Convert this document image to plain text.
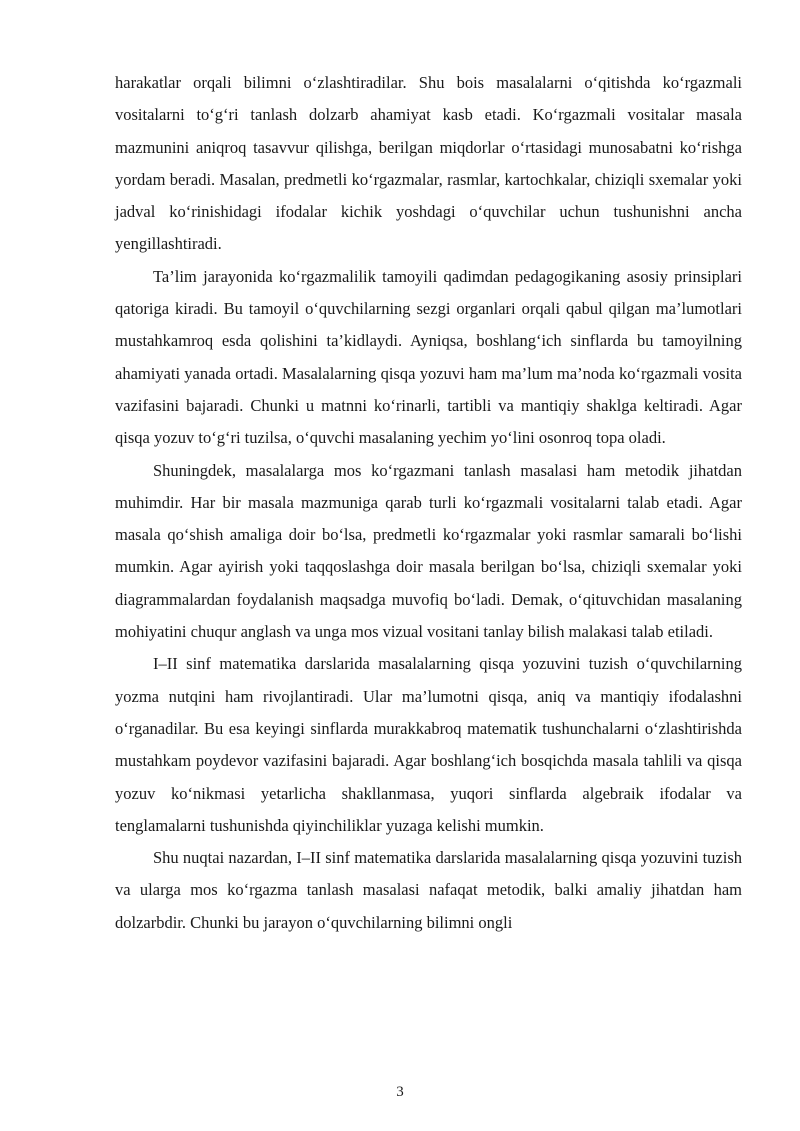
harakatlar orqali bilimni o‘zlashtiradilar. Shu bois masalalarni o‘qitishda ko‘rgazmali vositalarni to‘g‘ri tanlash dolzarb ahamiyat kasb etadi. Ko‘rgazmali vositalar masala mazmunini aniqroq tasavvur qilishga, berilgan miqdorlar o‘rtasidagi munosabatni ko‘rishga yordam beradi. Masalan, predmetli ko‘rgazmalar, rasmlar, kartochkalar, chiziqli sxemalar yoki jadval ko‘rinishidagi ifodalar kichik yoshdagi o‘quvchilar uchun tushunishni ancha yengillashtiradi.

Ta’lim jarayonida ko‘rgazmalilik tamoyili qadimdan pedagogikaning asosiy prinsiplari qatoriga kiradi. Bu tamoyil o‘quvchilarning sezgi organlari orqali qabul qilgan ma’lumotlari mustahkamroq esda qolishini ta’kidlaydi. Ayniqsa, boshlang‘ich sinflarda bu tamoyilning ahamiyati yanada ortadi. Masalalarning qisqa yozuvi ham ma’lum ma’noda ko‘rgazmali vosita vazifasini bajaradi. Chunki u matnni ko‘rinarli, tartibli va mantiqiy shaklga keltiradi. Agar qisqa yozuv to‘g‘ri tuzilsa, o‘quvchi masalaning yechim yo‘lini osonroq topa oladi.

Shuningdek, masalalarga mos ko‘rgazmani tanlash masalasi ham metodik jihatdan muhimdir. Har bir masala mazmuniga qarab turli ko‘rgazmali vositalarni talab etadi. Agar masala qo‘shish amaliga doir bo‘lsa, predmetli ko‘rgazmalar yoki rasmlar samarali bo‘lishi mumkin. Agar ayirish yoki taqqoslashga doir masala berilgan bo‘lsa, chiziqli sxemalar yoki diagrammalardan foydalanish maqsadga muvofiq bo‘ladi. Demak, o‘qituvchidan masalaning mohiyatini chuqur anglash va unga mos vizual vositani tanlay bilish malakasi talab etiladi.

I–II sinf matematika darslarida masalalarning qisqa yozuvini tuzish o‘quvchilarning yozma nutqini ham rivojlantiradi. Ular ma’lumotni qisqa, aniq va mantiqiy ifodalashni o‘rganadilar. Bu esa keyingi sinflarda murakkabroq matematik tushunchalarni o‘zlashtirishda mustahkam poydevor vazifasini bajaradi. Agar boshlang‘ich bosqichda masala tahlili va qisqa yozuv ko‘nikmasi yetarlicha shakllanmasa, yuqori sinflarda algebraik ifodalar va tenglamalarni tushunishda qiyinchiliklar yuzaga kelishi mumkin.

Shu nuqtai nazardan, I–II sinf matematika darslarida masalalarning qisqa yozuvini tuzish va ularga mos ko‘rgazma tanlash masalasi nafaqat metodik, balki amaliy jihatdan ham dolzarbdir. Chunki bu jarayon o‘quvchilarning bilimni ongli

3
